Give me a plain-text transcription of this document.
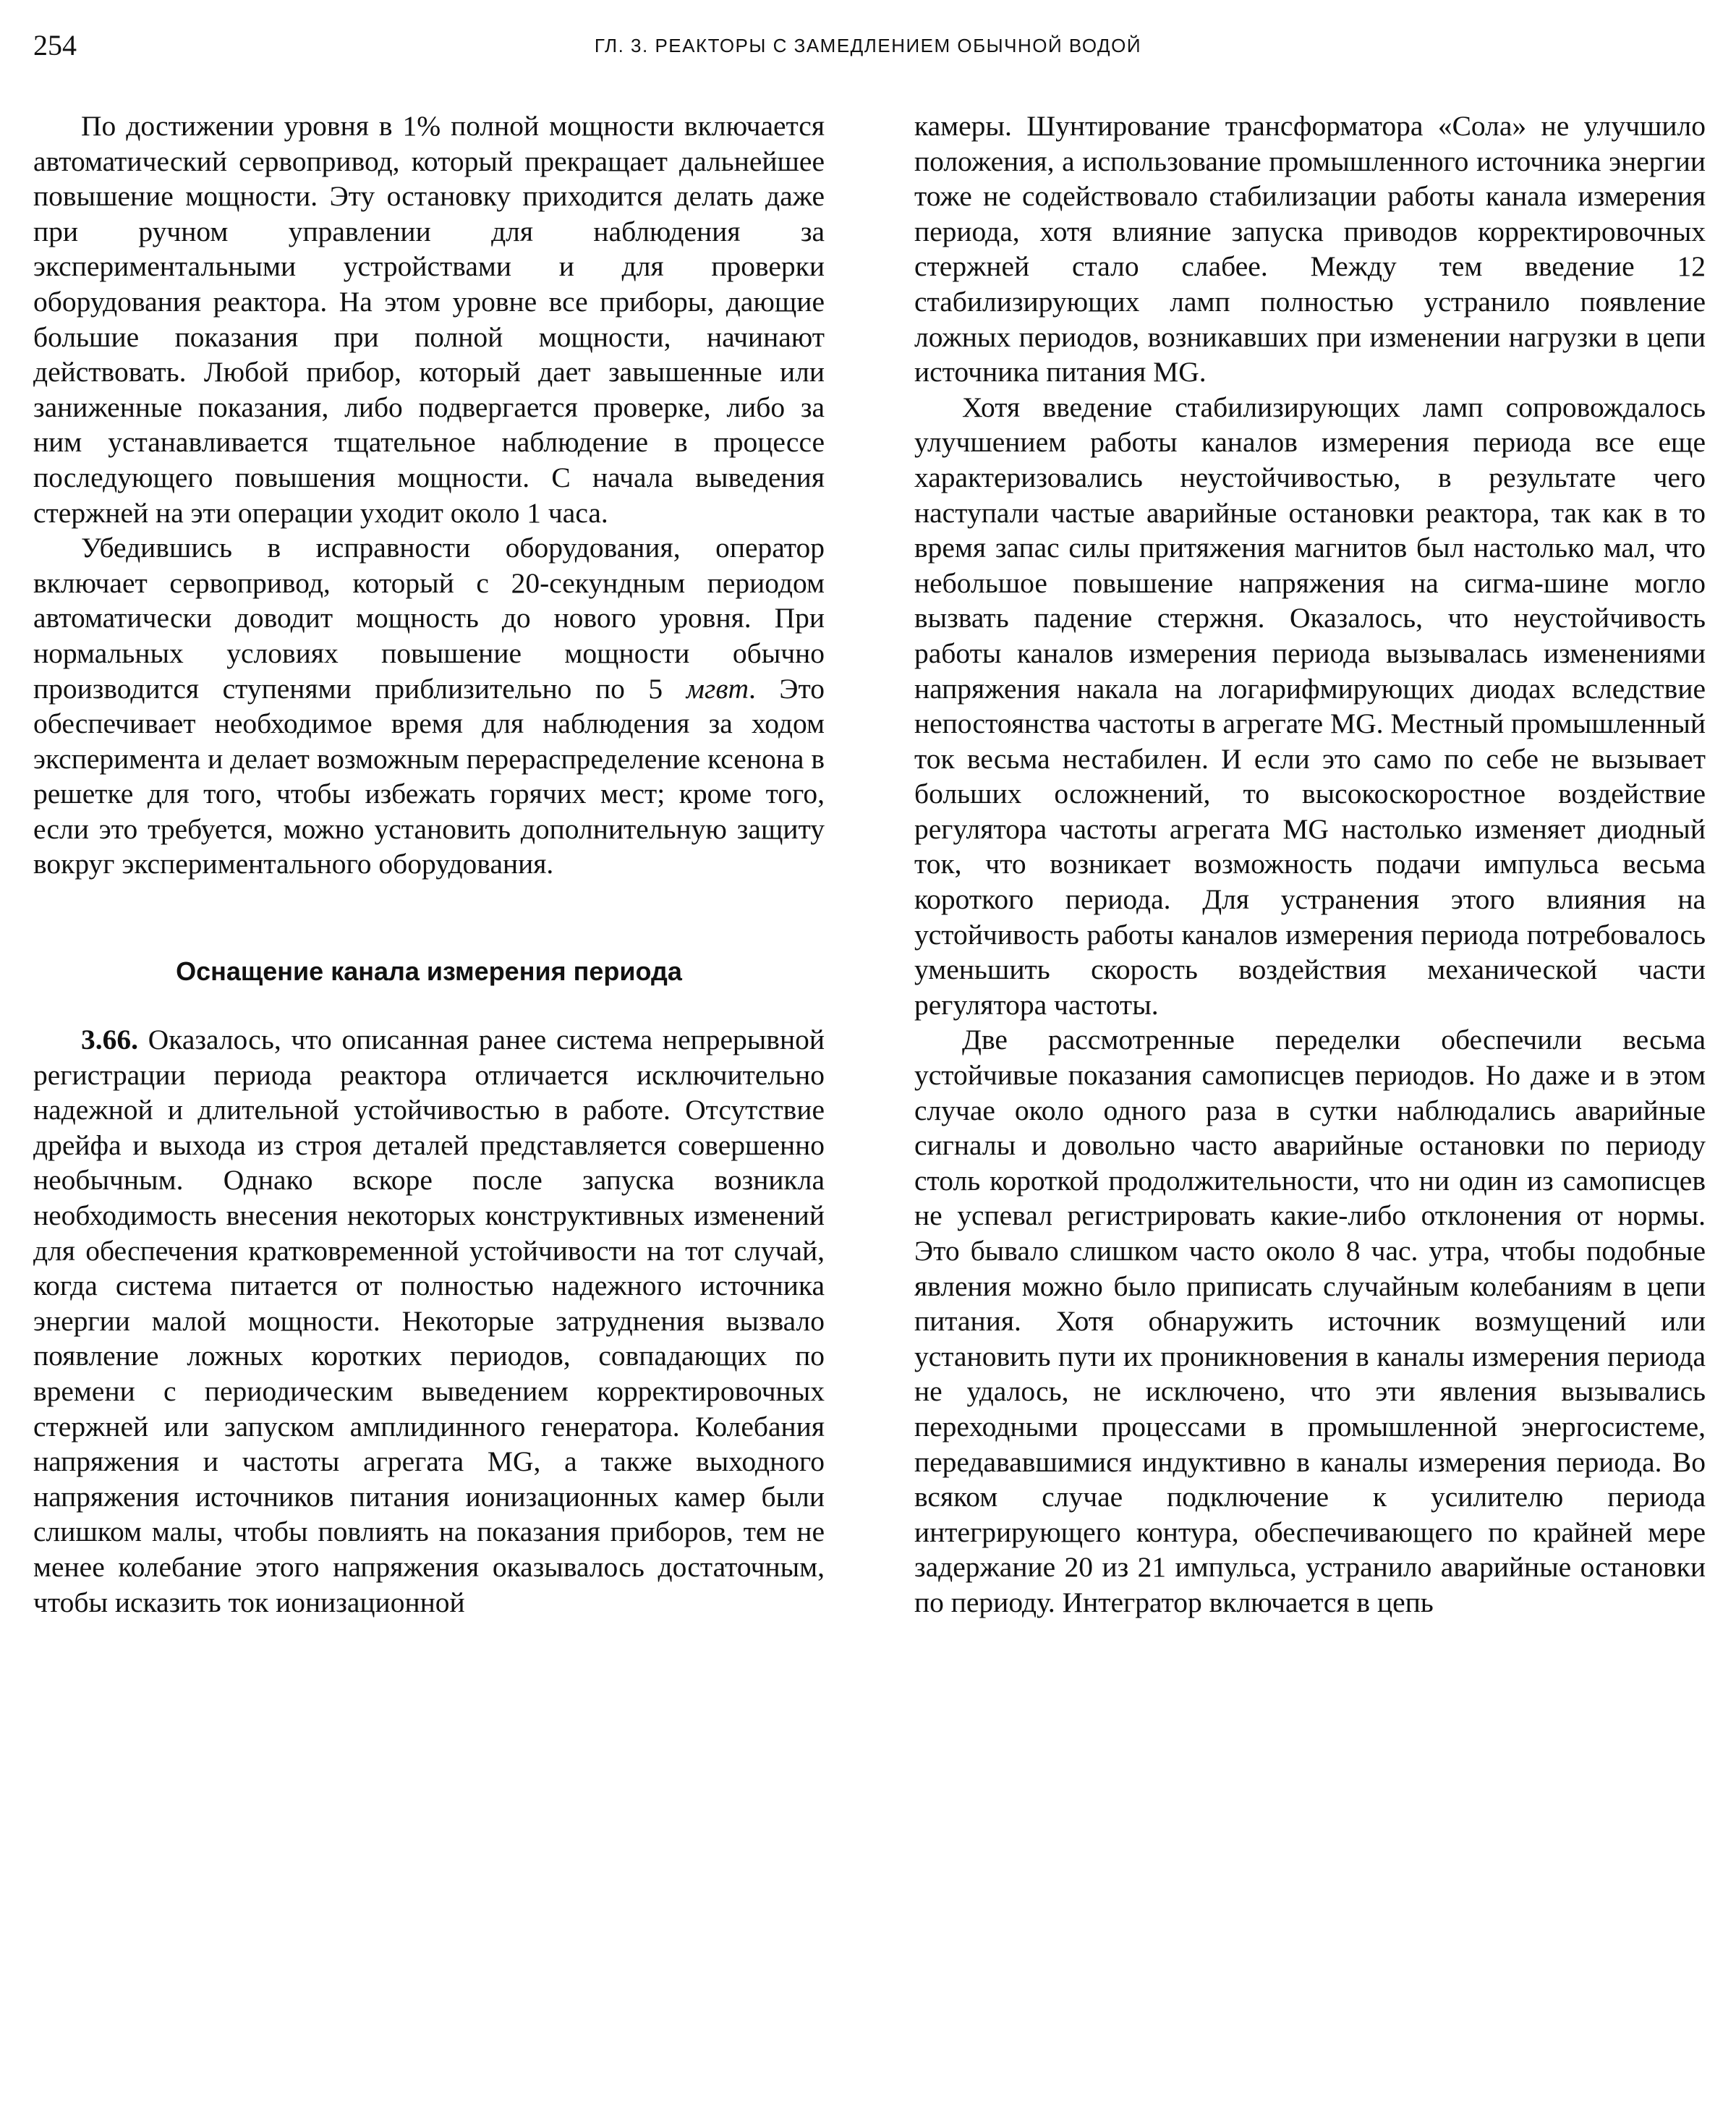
254	ГЛ. 3. РЕАКТОРЫ С ЗАМЕДЛЕНИЕМ ОБЫЧНОЙ ВОДОЙ

По достижении уровня в 1% полной мощности включается автоматический сервопривод, который прекращает дальнейшее повышение мощности. Эту остановку приходится делать даже при ручном управлении для наблюдения за экспериментальными устройствами и для проверки оборудования реактора. На этом уровне все приборы, дающие большие показания при полной мощности, начинают действовать. Любой прибор, который дает завышенные или заниженные показания, либо подвергается проверке, либо за ним устанавливается тщательное наблюдение в процессе последующего повышения мощности. С начала выведения стержней на эти операции уходит около 1 часа.

Убедившись в исправности оборудования, оператор включает сервопривод, который с 20-секундным периодом автоматически доводит мощность до нового уровня. При нормальных условиях повышение мощности обычно производится ступенями приблизительно по 5 мгвт. Это обеспечивает необходимое время для наблюдения за ходом эксперимента и делает возможным перераспределение ксенона в решетке для того, чтобы избежать горячих мест; кроме того, если это требуется, можно установить дополнительную защиту вокруг экспериментального оборудования.

Оснащение канала измерения периода

3.66. Оказалось, что описанная ранее система непрерывной регистрации периода реактора отличается исключительно надежной и длительной устойчивостью в работе. Отсутствие дрейфа и выхода из строя деталей представляется совершенно необычным. Однако вскоре после запуска возникла необходимость внесения некоторых конструктивных изменений для обеспечения кратковременной устойчивости на тот случай, когда система питается от полностью надежного источника энергии малой мощности. Некоторые затруднения вызвало появление ложных коротких периодов, совпадающих по времени с периодическим выведением корректировочных стержней или запуском амплидинного генератора. Колебания напряжения и частоты агрегата MG, а также выходного напряжения источников питания ионизационных камер были слишком малы, чтобы повлиять на показания приборов, тем не менее колебание этого напряжения оказывалось достаточным, чтобы исказить ток ионизационной

камеры. Шунтирование трансформатора «Сола» не улучшило положения, а использование промышленного источника энергии тоже не содействовало стабилизации работы канала измерения периода, хотя влияние запуска приводов корректировочных стержней стало слабее. Между тем введение 12 стабилизирующих ламп полностью устранило появление ложных периодов, возникавших при изменении нагрузки в цепи источника питания MG.

Хотя введение стабилизирующих ламп сопровождалось улучшением работы каналов измерения периода все еще характеризовались неустойчивостью, в результате чего наступали частые аварийные остановки реактора, так как в то время запас силы притяжения магнитов был настолько мал, что небольшое повышение напряжения на сигма-шине могло вызвать падение стержня. Оказалось, что неустойчивость работы каналов измерения периода вызывалась изменениями напряжения накала на логарифмирующих диодах вследствие непостоянства частоты в агрегате MG. Местный промышленный ток весьма нестабилен. И если это само по себе не вызывает больших осложнений, то высокоскоростное воздействие регулятора частоты агрегата MG настолько изменяет диодный ток, что возникает возможность подачи импульса весьма короткого периода. Для устранения этого влияния на устойчивость работы каналов измерения периода потребовалось уменьшить скорость воздействия механической части регулятора частоты.

Две рассмотренные переделки обеспечили весьма устойчивые показания самописцев периодов. Но даже и в этом случае около одного раза в сутки наблюдались аварийные сигналы и довольно часто аварийные остановки по периоду столь короткой продолжительности, что ни один из самописцев не успевал регистрировать какие-либо отклонения от нормы. Это бывало слишком часто около 8 час. утра, чтобы подобные явления можно было приписать случайным колебаниям в цепи питания. Хотя обнаружить источник возмущений или установить пути их проникновения в каналы измерения периода не удалось, не исключено, что эти явления вызывались переходными процессами в промышленной энергосистеме, передававшимися индуктивно в каналы измерения периода. Во всяком случае подключение к усилителю периода интегрирующего контура, обеспечивающего по крайней мере задержание 20 из 21 импульса, устранило аварийные остановки по периоду. Интегратор включается в цепь
